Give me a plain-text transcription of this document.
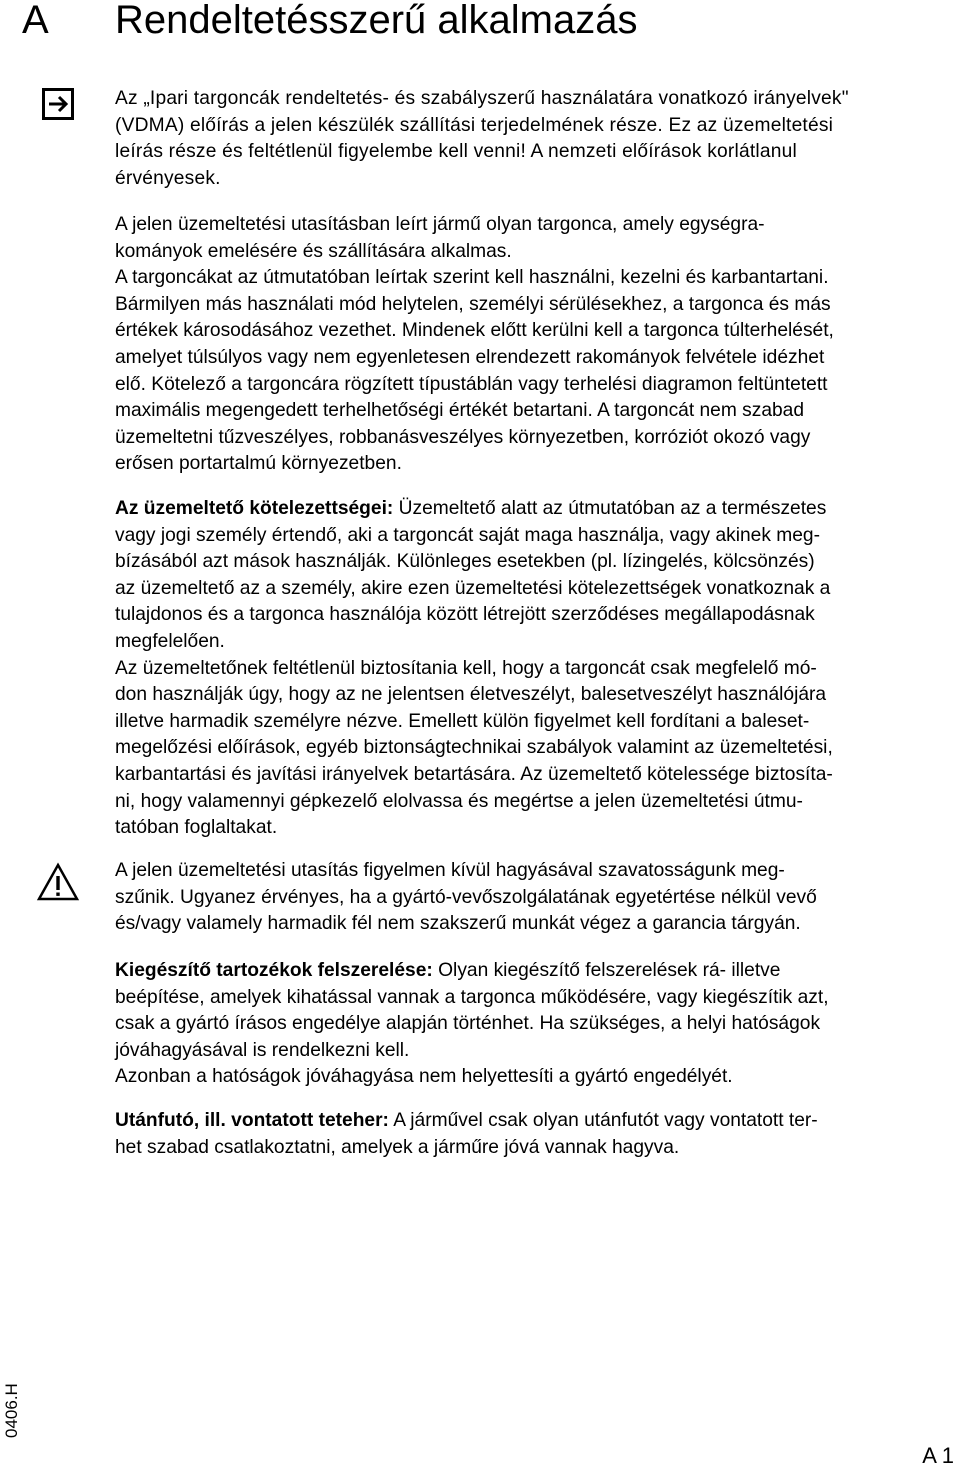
A Rendeltetésszerű alkalmazás
Az „Ipari targoncák rendeltetés- és szabályszerű használatára vonatkozó irányelvek"
(VDMA) előírás a jelen készülék szállítási terjedelmének része. Ez az üzemeltetési
leírás része és feltétlenül figyelembe kell venni! A nemzeti előírások korlátlanul
érvényesek.
A jelen üzemeltetési utasításban leírt jármű olyan targonca, amely egységra-
kományok emelésére és szállítására alkalmas.
A targoncákat az útmutatóban leírtak szerint kell használni, kezelni és karbantartani.
Bármilyen más használati mód helytelen, személyi sérülésekhez, a targonca és más
értékek károsodásához vezethet. Mindenek előtt kerülni kell a targonca túlterhelését,
amelyet túlsúlyos vagy nem egyenletesen elrendezett rakományok felvétele idézhet
elő. Kötelező a targoncára rögzített típustáblán vagy terhelési diagramon feltüntetett
maximális megengedett terhelhetőségi értékét betartani. A targoncát nem szabad
üzemeltetni tűzveszélyes, robbanásveszélyes környezetben, korróziót okozó vagy
erősen portartalmú környezetben.
Az üzemeltető kötelezettségei: Üzemeltető alatt az útmutatóban az a természetes
vagy jogi személy értendő, aki a targoncát saját maga használja, vagy akinek meg-
bízásából azt mások használják. Különleges esetekben (pl. lízingelés, kölcsönzés)
az üzemeltető az a személy, akire ezen üzemeltetési kötelezettségek vonatkoznak a
tulajdonos és a targonca használója között létrejött szerződéses megállapodásnak
megfelelően.
Az üzemeltetőnek feltétlenül biztosítania kell, hogy a targoncát csak megfelelő mó-
don használják úgy, hogy az ne jelentsen életveszélyt, balesetveszélyt használójára
illetve harmadik személyre nézve. Emellett külön figyelmet kell fordítani a baleset-
megelőzési előírások, egyéb biztonságtechnikai szabályok valamint az üzemeltetési,
karbantartási és javítási irányelvek betartására. Az üzemeltető kötelessége biztosíta-
ni, hogy valamennyi gépkezelő elolvassa és megértse a jelen üzemeltetési útmu-
tatóban foglaltakat.
A jelen üzemeltetési utasítás figyelmen kívül hagyásával szavatosságunk meg-
szűnik. Ugyanez érvényes, ha a gyártó-vevőszolgálatának egyetértése nélkül vevő
és/vagy valamely harmadik fél nem szakszerű munkát végez a garancia tárgyán.
Kiegészítő tartozékok felszerelése: Olyan kiegészítő felszerelések rá- illetve
beépítése, amelyek kihatással vannak a targonca működésére, vagy kiegészítik azt,
csak a gyártó írásos engedélye alapján történhet. Ha szükséges, a helyi hatóságok
jóváhagyásával is rendelkezni kell.
Azonban a hatóságok jóváhagyása nem helyettesíti a gyártó engedélyét.
Utánfutó, ill. vontatott teteher: A járművel csak olyan utánfutót vagy vontatott ter-
het szabad csatlakoztatni, amelyek a járműre jóvá vannak hagyva.
0406.H
A 1
